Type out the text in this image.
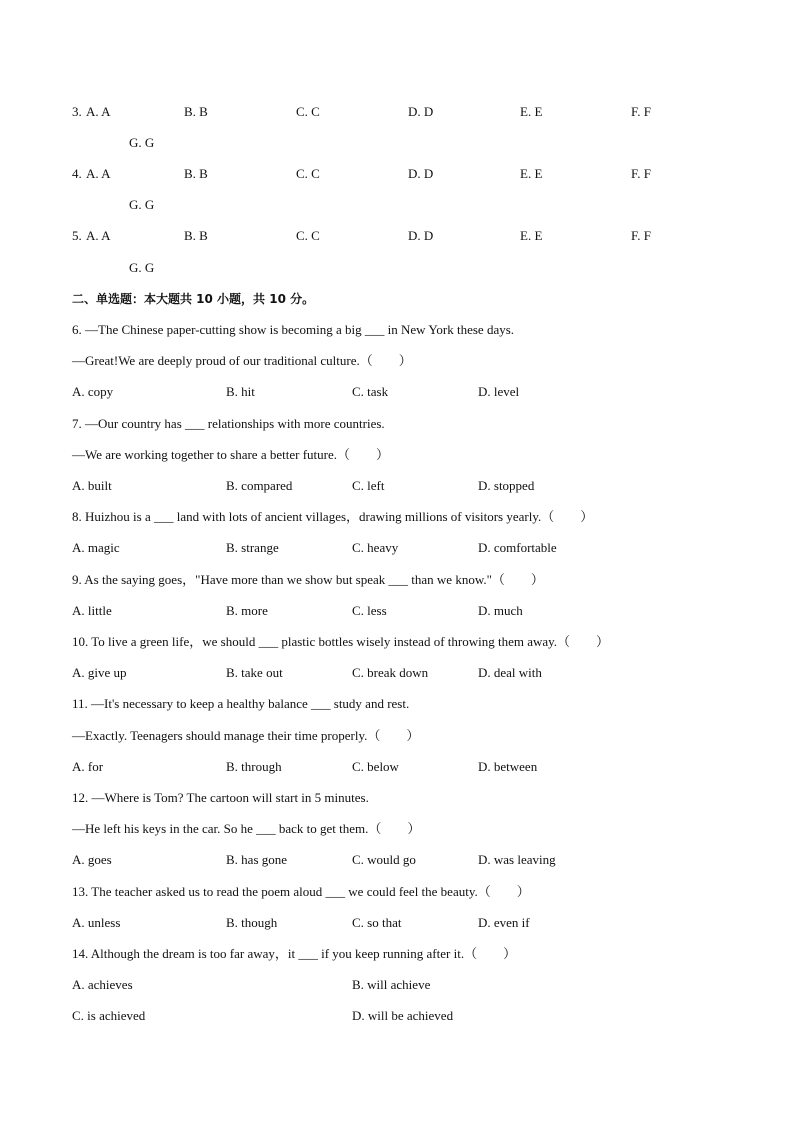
3. A. A	B. B	C. C	D. D	E. E	F. F
G. G
4. A. A	B. B	C. C	D. D	E. E	F. F
G. G
5. A. A	B. B	C. C	D. D	E. E	F. F
G. G
二、单选题：本大题共 10 小题，共 10 分。
6. —The Chinese paper-cutting show is becoming a big ___ in New York these days.
—Great!We are deeply proud of our traditional culture.（　　）
A. copy	B. hit	C. task	D. level
7. —Our country has ___ relationships with more countries.
—We are working together to share a better future.（　　）
A. built	B. compared	C. left	D. stopped
8. Huizhou is a ___ land with lots of ancient villages，drawing millions of visitors yearly.（　　）
A. magic	B. strange	C. heavy	D. comfortable
9. As the saying goes，"Have more than we show but speak ___ than we know."（　　）
A. little	B. more	C. less	D. much
10. To live a green life，we should ___ plastic bottles wisely instead of throwing them away.（　　）
A. give up	B. take out	C. break down	D. deal with
11. —It's necessary to keep a healthy balance ___ study and rest.
—Exactly. Teenagers should manage their time properly.（　　）
A. for	B. through	C. below	D. between
12. —Where is Tom? The cartoon will start in 5 minutes.
—He left his keys in the car. So he ___ back to get them.（　　）
A. goes	B. has gone	C. would go	D. was leaving
13. The teacher asked us to read the poem aloud ___ we could feel the beauty.（　　）
A. unless	B. though	C. so that	D. even if
14. Although the dream is too far away，it ___ if you keep running after it.（　　）
A. achieves	B. will achieve
C. is achieved	D. will be achieved
